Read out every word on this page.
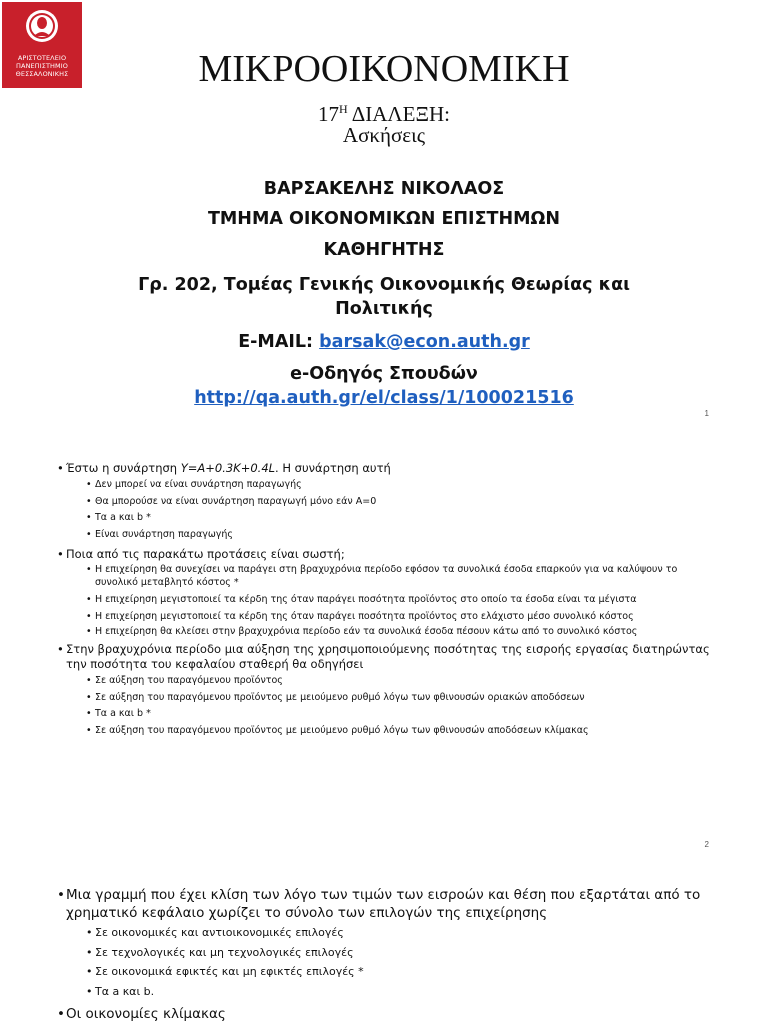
ΑΡΙΣΤΟΤΕΛΕΙΟ
ΠΑΝΕΠΙΣΤΗΜΙΟ
ΘΕΣΣΑΛΟΝΙΚΗΣ	ΜΙΚΡΟΟΙΚΟΝΟΜΙΚΗ
$17^H$ ΔΙΑΛΕΞΗ:
Ασκήσεις
ΒΑΡΣΑΚΕΛΗΣ ΝΙΚΟΛΑΟΣ
ΤΜΗΜΑ ΟΙΚΟΝΟΜΙΚΩΝ ΕΠΙΣΤΗΜΩΝ
ΚΑΘΗΓΗΤΗΣ
Γρ. 202, Τομέας Γενικής Οικονομικής Θεωρίας και Πολιτικής
E-MAIL: barsak@econ.auth.gr
e-Οδηγός Σπουδών
http://qa.auth.gr/el/class/1/100021516
1
• Έστω η συνάρτηση Y=A+0.3K+0.4L. Η συνάρτηση αυτή
• Δεν μπορεί να είναι συνάρτηση παραγωγής
• Θα μπορούσε να είναι συνάρτηση παραγωγή μόνο εάν Α=0
• Τα a και b *
• Είναι συνάρτηση παραγωγής
• Ποια από τις παρακάτω προτάσεις είναι σωστή;
• Η επιχείρηση θα συνεχίσει να παράγει στη βραχυχρόνια περίοδο εφόσον τα συνολικά έσοδα επαρκούν για να καλύψουν το συνολικό μεταβλητό κόστος *
• Η επιχείρηση μεγιστοποιεί τα κέρδη της όταν παράγει ποσότητα προϊόντος στο οποίο τα έσοδα είναι τα μέγιστα
• Η επιχείρηση μεγιστοποιεί τα κέρδη της όταν παράγει ποσότητα προϊόντος στο ελάχιστο μέσο συνολικό κόστος
• Η επιχείρηση θα κλείσει στην βραχυχρόνια περίοδο εάν τα συνολικά έσοδα πέσουν κάτω από το συνολικό κόστος
• Στην βραχυχρόνια περίοδο μια αύξηση της χρησιμοποιούμενης ποσότητας της εισροής εργασίας διατηρώντας την ποσότητα του κεφαλαίου σταθερή θα οδηγήσει
• Σε αύξηση του παραγόμενου προϊόντος
• Σε αύξηση του παραγόμενου προϊόντος με μειούμενο ρυθμό λόγω των φθινουσών οριακών αποδόσεων
• Τα a και b *
• Σε αύξηση του παραγόμενου προϊόντος με μειούμενο ρυθμό λόγω των φθινουσών αποδόσεων κλίμακας
2
• Μια γραμμή που έχει κλίση των λόγο των τιμών των εισροών και θέση που εξαρτάται από το χρηματικό κεφάλαιο χωρίζει το σύνολο των επιλογών της επιχείρησης
• Σε οικονομικές και αντιοικονομικές επιλογές
• Σε τεχνολογικές και μη τεχνολογικές επιλογές
• Σε οικονομικά εφικτές και μη εφικτές επιλογές *
• Τα a και b.
• Οι οικονομίες κλίμακας
